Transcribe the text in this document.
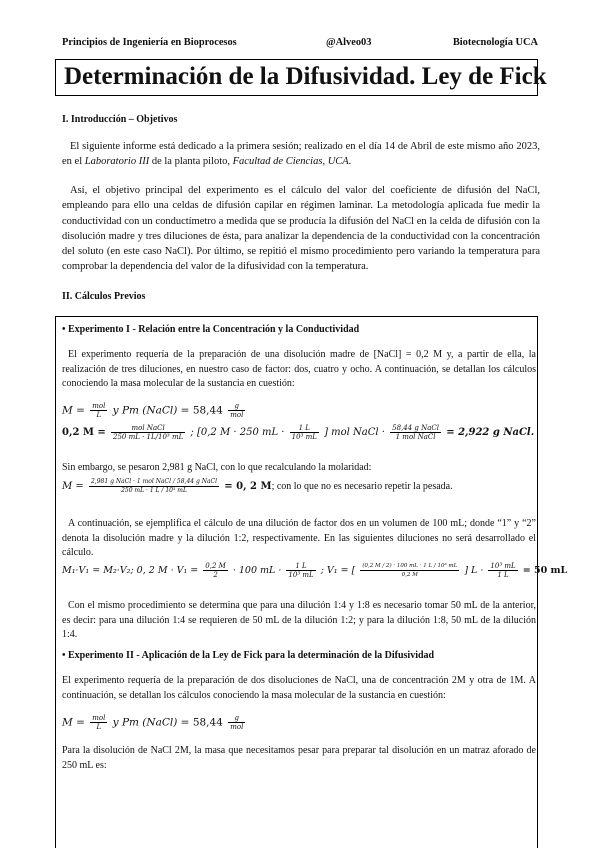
Principios de Ingeniería en Bioprocesos	@Alveo03	Biotecnología UCA
Determinación de la Difusividad. Ley de Fick
I. Introducción – Objetivos

El siguiente informe está dedicado a la primera sesión; realizado en el día 14 de Abril de este mismo año 2023, en el Laboratorio III de la planta piloto, Facultad de Ciencias, UCA.

Así, el objetivo principal del experimento es el cálculo del valor del coeficiente de difusión del NaCl, empleando para ello una celdas de difusión capilar en régimen laminar. La metodología aplicada fue medir la conductividad con un conductímetro a medida que se producía la difusión del NaCl en la celda de difusión con la disolución madre y tres diluciones de ésta, para analizar la dependencia de la conductividad con la concentración del soluto (en este caso NaCl). Por último, se repitió el mismo procedimiento pero variando la temperatura para comprobar la dependencia del valor de la difusividad con la temperatura.

II. Cálculos Previos
• Experimento I - Relación entre la Concentración y la Conductividad

El experimento requería de la preparación de una disolución madre de [NaCl] = 0,2 M y, a partir de ella, la realización de tres diluciones, en nuestro caso de factor: dos, cuatro y ocho. A continuación, se detallan los cálculos conociendo la masa molecular de la sustancia en cuestión:

M = mol
L	y Pm (NaCl) = 58,44	g
mol
0,2 M =	mol NaCl
250 mL · 1L/10³ mL ; [0,2 M · 250 mL · $\frac{1 L}{\text{10³ mL}}$ ] mol NaCl · 58,44 g NaCl
1 mol NaCl	= 2,922 g NaCl.

Sin embargo, se pesaron 2,981 g NaCl, con lo que recalculando la molaridad:

M =	2,981 g NaCl · 1 mol NaCl / 58,44 g NaCl
250 mL · 1 L / 10³ mL	= 0, 2 M; con lo que no es necesario repetir la pesada.

A continuación, se ejemplifica el cálculo de una dilución de factor dos en un volumen de 100 mL; donde “1” y “2” denota la disolución madre y la dilución 1:2, respectivamente. En las siguientes diluciones no será desarrollado el cálculo.

M₁·V₁ = M₂·V₂; 0, 2 $M \cdot V_1 = \frac{0,2 M}{2} \cdot 100$ mL · $\frac{1 L}{\text{10³ mL}}$ ; V₁ = [ $\frac{\text{(0,2 M / 2) · 100 mL · 1 L / 10³ mL}}{0,2 M}$ ] $L \cdot \frac{\text{10³ mL}}{1 L} = 50$ mL

Con el mismo procedimiento se determina que para una dilución 1:4 y 1:8 es necesario tomar 50 mL de la anterior, es decir: para una dilución 1:4 se requieren de 50 mL de la dilución 1:2; y para la dilución 1:8, 50 mL de la dilución 1:4.

• Experimento II - Aplicación de la Ley de Fick para la determinación de la Difusividad

El experimento requería de la preparación de dos disoluciones de NaCl, una de concentración 2M y otra de 1M. A continuación, se detallan los cálculos conociendo la masa molecular de la sustancia en cuestión:

M = mol
L	y Pm (NaCl) = 58,44	g
mol

Para la disolución de NaCl 2M, la masa que necesitamos pesar para preparar tal disolución en un matraz aforado de 250 mL es:
